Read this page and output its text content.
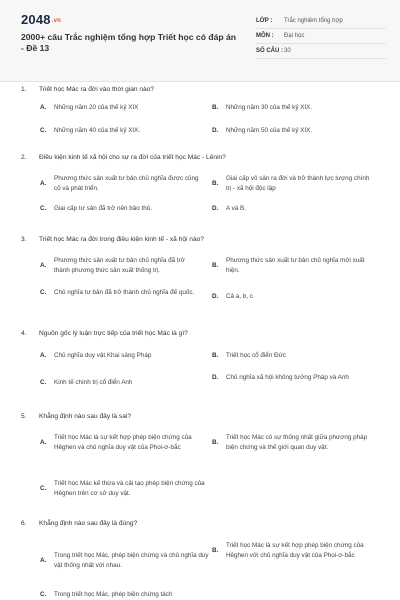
2048.vn
2000+ câu Trắc nghiệm tổng hợp Triết học có đáp án - Đề 13
LỚP :	Trắc nghiệm tổng hợp
MÔN :	Đại học
SỐ CÂU : 30
1. Triết học Mác ra đời vào thời gian nào?
A.	Những năm 20 của thế kỷ XIX	B.	Những năm 30 của thế kỷ XIX.
C.	Những năm 40 của thế kỷ XIX.	D.	Những năm 50 của thế kỷ XIX.
2. Điều kiện kinh tế xã hội cho sự ra đời của triết học Mác - Lênin?
A.
Phương thức sản xuất tư bản chủ nghĩa được củng cố và phát triển.
B.
Giai cấp vô sản ra đời và trở thành lực lượng chính trị - xã hội độc lập
C.	Giai cấp tư sản đã trở nên bảo thủ.	D.	A và B.
3. Triết học Mác ra đời trong điều kiện kinh tế - xã hội nào?
A.
Phương thức sản xuất tư bản chủ nghĩa đã trở thành phương thức sản xuất thống trị.
B.
Phương thức sản xuất tư bản chủ nghĩa mới xuất hiện.
C.	Chủ nghĩa tư bản đã trở thành chủ nghĩa đế quốc.
D.	Cả a, b, c
4. Nguồn gốc lý luận trực tiếp của triết học Mác là gì?
A.	Chủ nghĩa duy vật Khai sáng Pháp	B.	Triết học cổ điển Đức
C.	Kinh tế chính trị cổ điển Anh
D.	Chủ nghĩa xã hội không tưởng Pháp và Anh
5. Khẳng định nào sau đây là sai?
A.
Triết học Mác là sự kết hợp phép biện chứng của Hêghen và chủ nghĩa duy vật của Phoi-ơ-bắc
B.
Triết học Mác có sự thống nhất giữa phương pháp biện chứng và thế giới quan duy vật.
C.
Triết học Mác kế thừa và cải tạo phép biện chứng của Hêghen trên cơ sở duy vật.
6. Khẳng định nào sau đây là đúng?
A.
Trong triết học Mác, phép biện chứng và chủ nghĩa duy vật thống nhất với nhau.
B.
Triết học Mác là sự kết hợp phép biện chứng của Hêghen với chủ nghĩa duy vật của Phoi-ơ-bắc
C.	Trong triết học Mác, phép biện chứng tách
